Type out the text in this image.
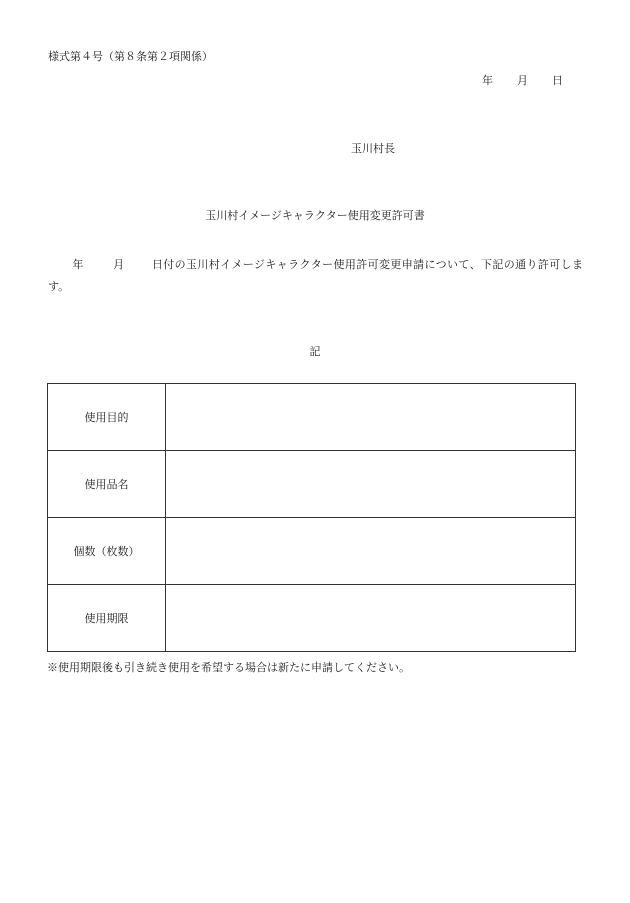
様式第４号（第８条第２項関係）
年 月 日
玉川村長
玉川村イメージキャラクター使用変更許可書
年	月 日付の玉川村イメージキャラクター使用許可変更申請について、下記の通り許可します。
記
使用目的	
使用品名	
個数（枚数）	
使用期限	
※使用期限後も引き続き使用を希望する場合は新たに申請してください。
